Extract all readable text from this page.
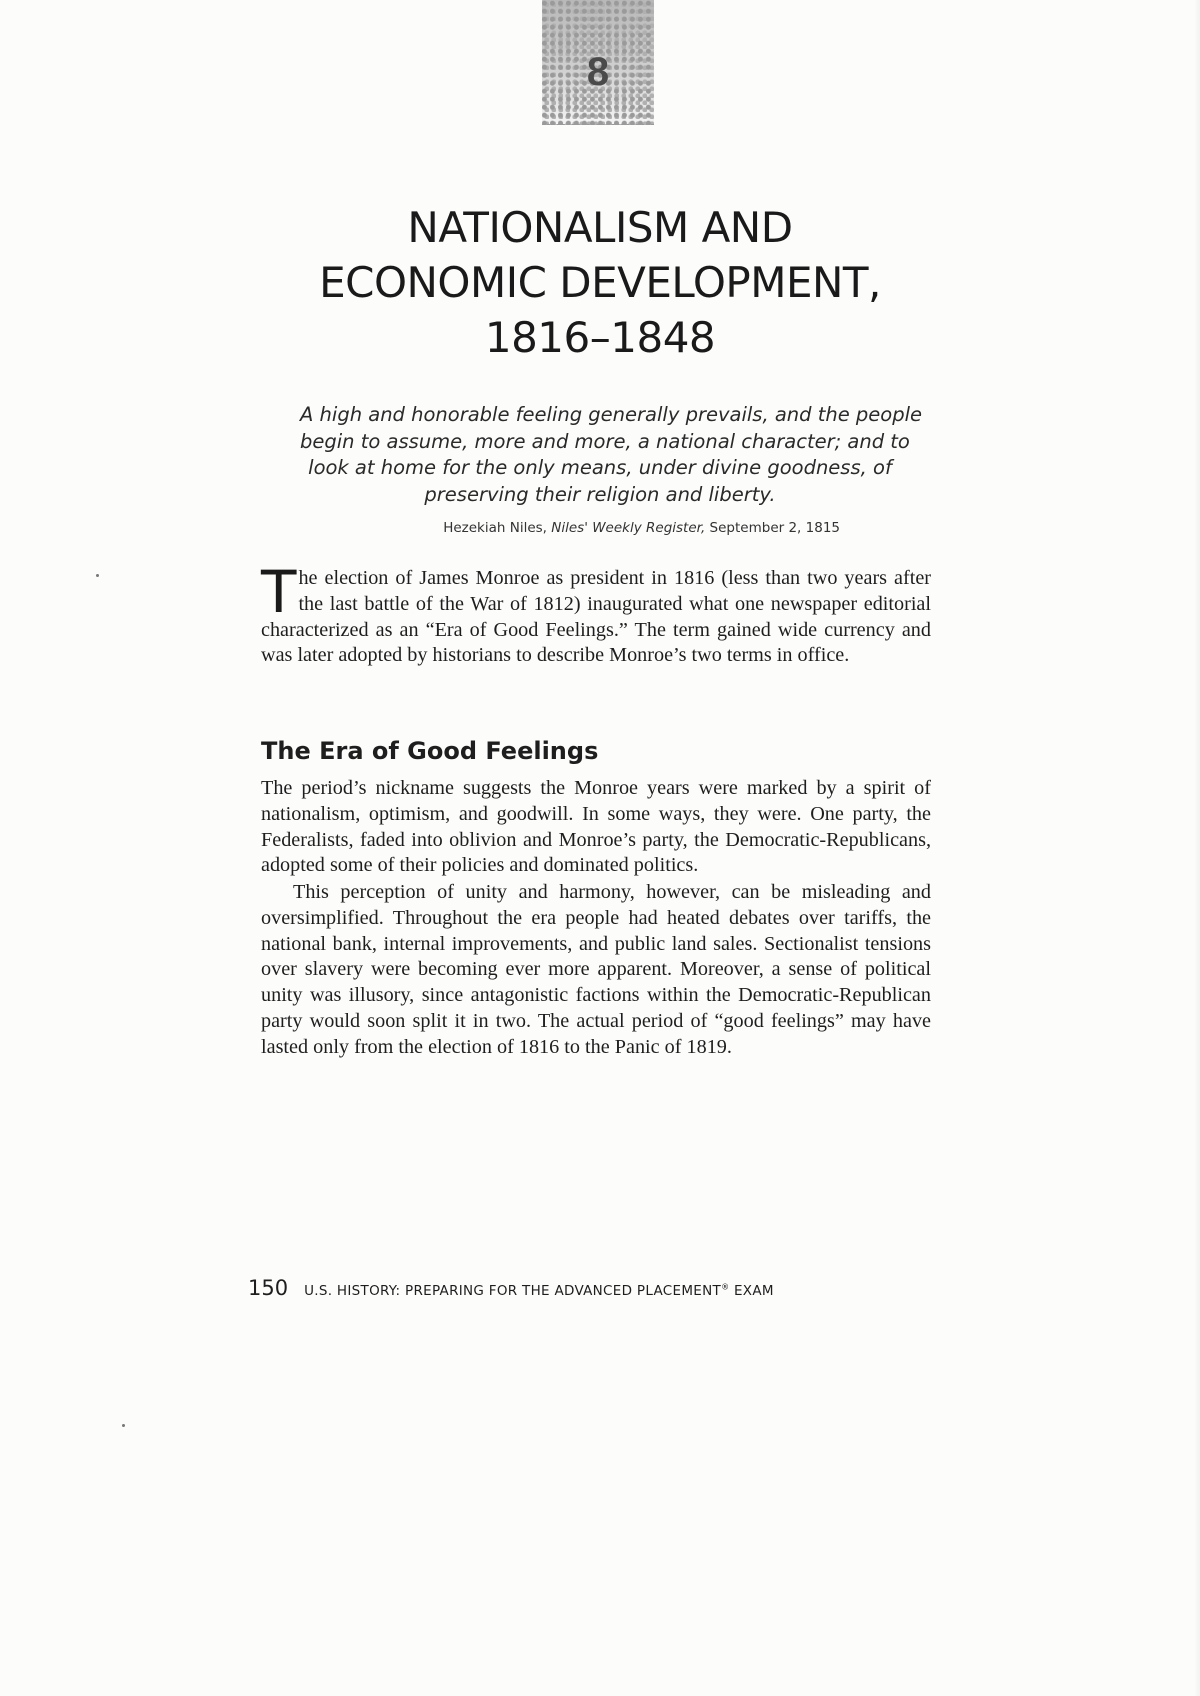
8
NATIONALISM AND
ECONOMIC DEVELOPMENT,
1816–1848
A high and honorable feeling generally prevails, and the people
begin to assume, more and more, a national character; and to
look at home for the only means, under divine goodness, of
preserving their religion and liberty.
Hezekiah Niles, Niles' Weekly Register, September 2, 1815
The election of James Monroe as president in 1816 (less than two years after the last battle of the War of 1812) inaugurated what one newspaper editorial characterized as an “Era of Good Feelings.” The term gained wide currency and was later adopted by historians to describe Monroe’s two terms in office.
The Era of Good Feelings

The period’s nickname suggests the Monroe years were marked by a spirit of nationalism, optimism, and goodwill. In some ways, they were. One party, the Federalists, faded into oblivion and Monroe’s party, the Democratic-Republicans, adopted some of their policies and dominated politics.

This perception of unity and harmony, however, can be misleading and oversimplified. Throughout the era people had heated debates over tariffs, the national bank, internal improvements, and public land sales. Sectionalist tensions over slavery were becoming ever more apparent. Moreover, a sense of political unity was illusory, since antagonistic factions within the Democratic-Republican party would soon split it in two. The actual period of “good feelings” may have lasted only from the election of 1816 to the Panic of 1819.

150 U.S. HISTORY: PREPARING FOR THE ADVANCED PLACEMENT® EXAM
